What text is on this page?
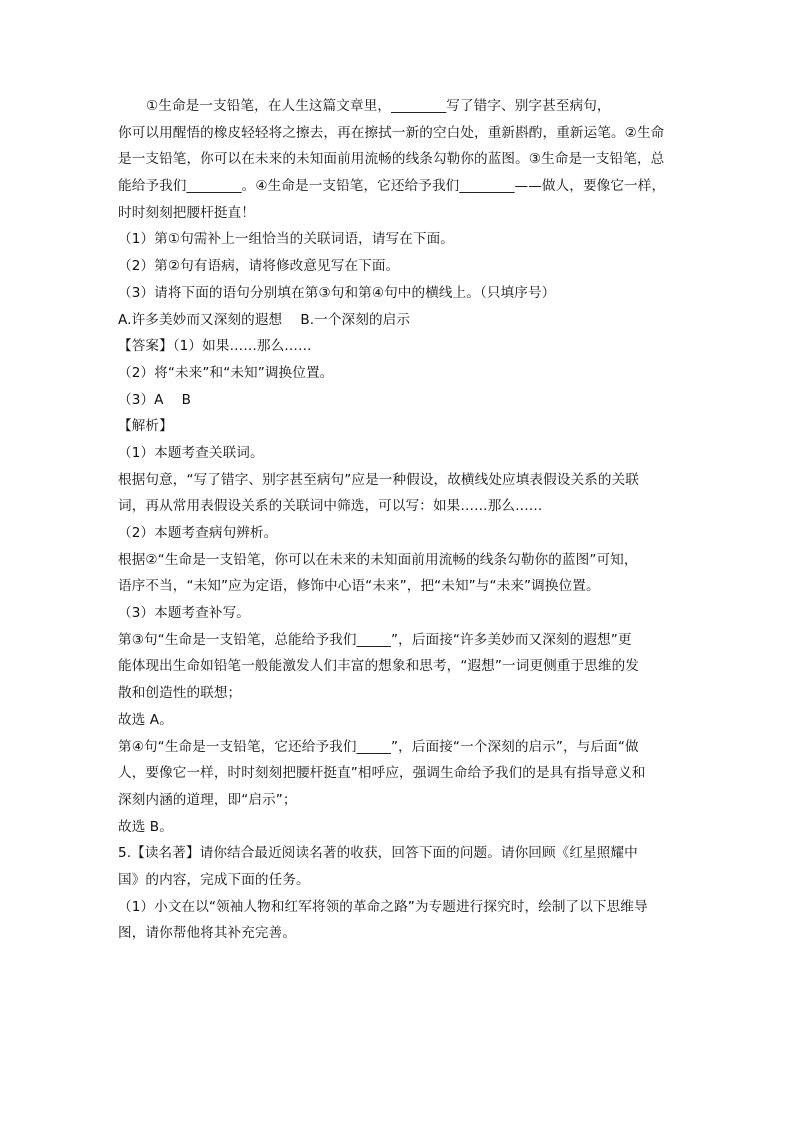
①生命是一支铅笔，在人生这篇文章里，________写了错字、别字甚至病句，
你可以用醒悟的橡皮轻轻将之擦去，再在擦拭一新的空白处，重新斟酌，重新运笔。②生命
是一支铅笔，你可以在未来的未知面前用流畅的线条勾勒你的蓝图。③生命是一支铅笔，总
能给予我们________。④生命是一支铅笔，它还给予我们________——做人，要像它一样，
时时刻刻把腰杆挺直！
（1）第①句需补上一组恰当的关联词语，请写在下面。
（2）第②句有语病，请将修改意见写在下面。
（3）请将下面的语句分别填在第③句和第④句中的横线上。（只填序号）
A.许多美妙而又深刻的遐想　 B.一个深刻的启示
【答案】（1）如果……那么……
（2）将“未来”和“未知”调换位置。
（3）A　 B
【解析】
（1）本题考查关联词。
根据句意，“写了错字、别字甚至病句”应是一种假设，故横线处应填表假设关系的关联
词，再从常用表假设关系的关联词中筛选，可以写：如果……那么……
（2）本题考查病句辨析。
根据②“生命是一支铅笔，你可以在未来的未知面前用流畅的线条勾勒你的蓝图”可知，
语序不当，“未知”应为定语，修饰中心语“未来”，把“未知”与“未来”调换位置。
（3）本题考查补写。
第③句“生命是一支铅笔，总能给予我们_____”，后面接“许多美妙而又深刻的遐想”更
能体现出生命如铅笔一般能激发人们丰富的想象和思考，“遐想”一词更侧重于思维的发
散和创造性的联想；
故选 A。
第④句“生命是一支铅笔，它还给予我们_____”，后面接“一个深刻的启示”，与后面“做
人，要像它一样，时时刻刻把腰杆挺直”相呼应，强调生命给予我们的是具有指导意义和
深刻内涵的道理，即“启示”；
故选 B。
5.【读名著】请你结合最近阅读名著的收获，回答下面的问题。请你回顾《红星照耀中
国》的内容，完成下面的任务。
（1）小文在以“领袖人物和红军将领的革命之路”为专题进行探究时，绘制了以下思维导
图，请你帮他将其补充完善。
